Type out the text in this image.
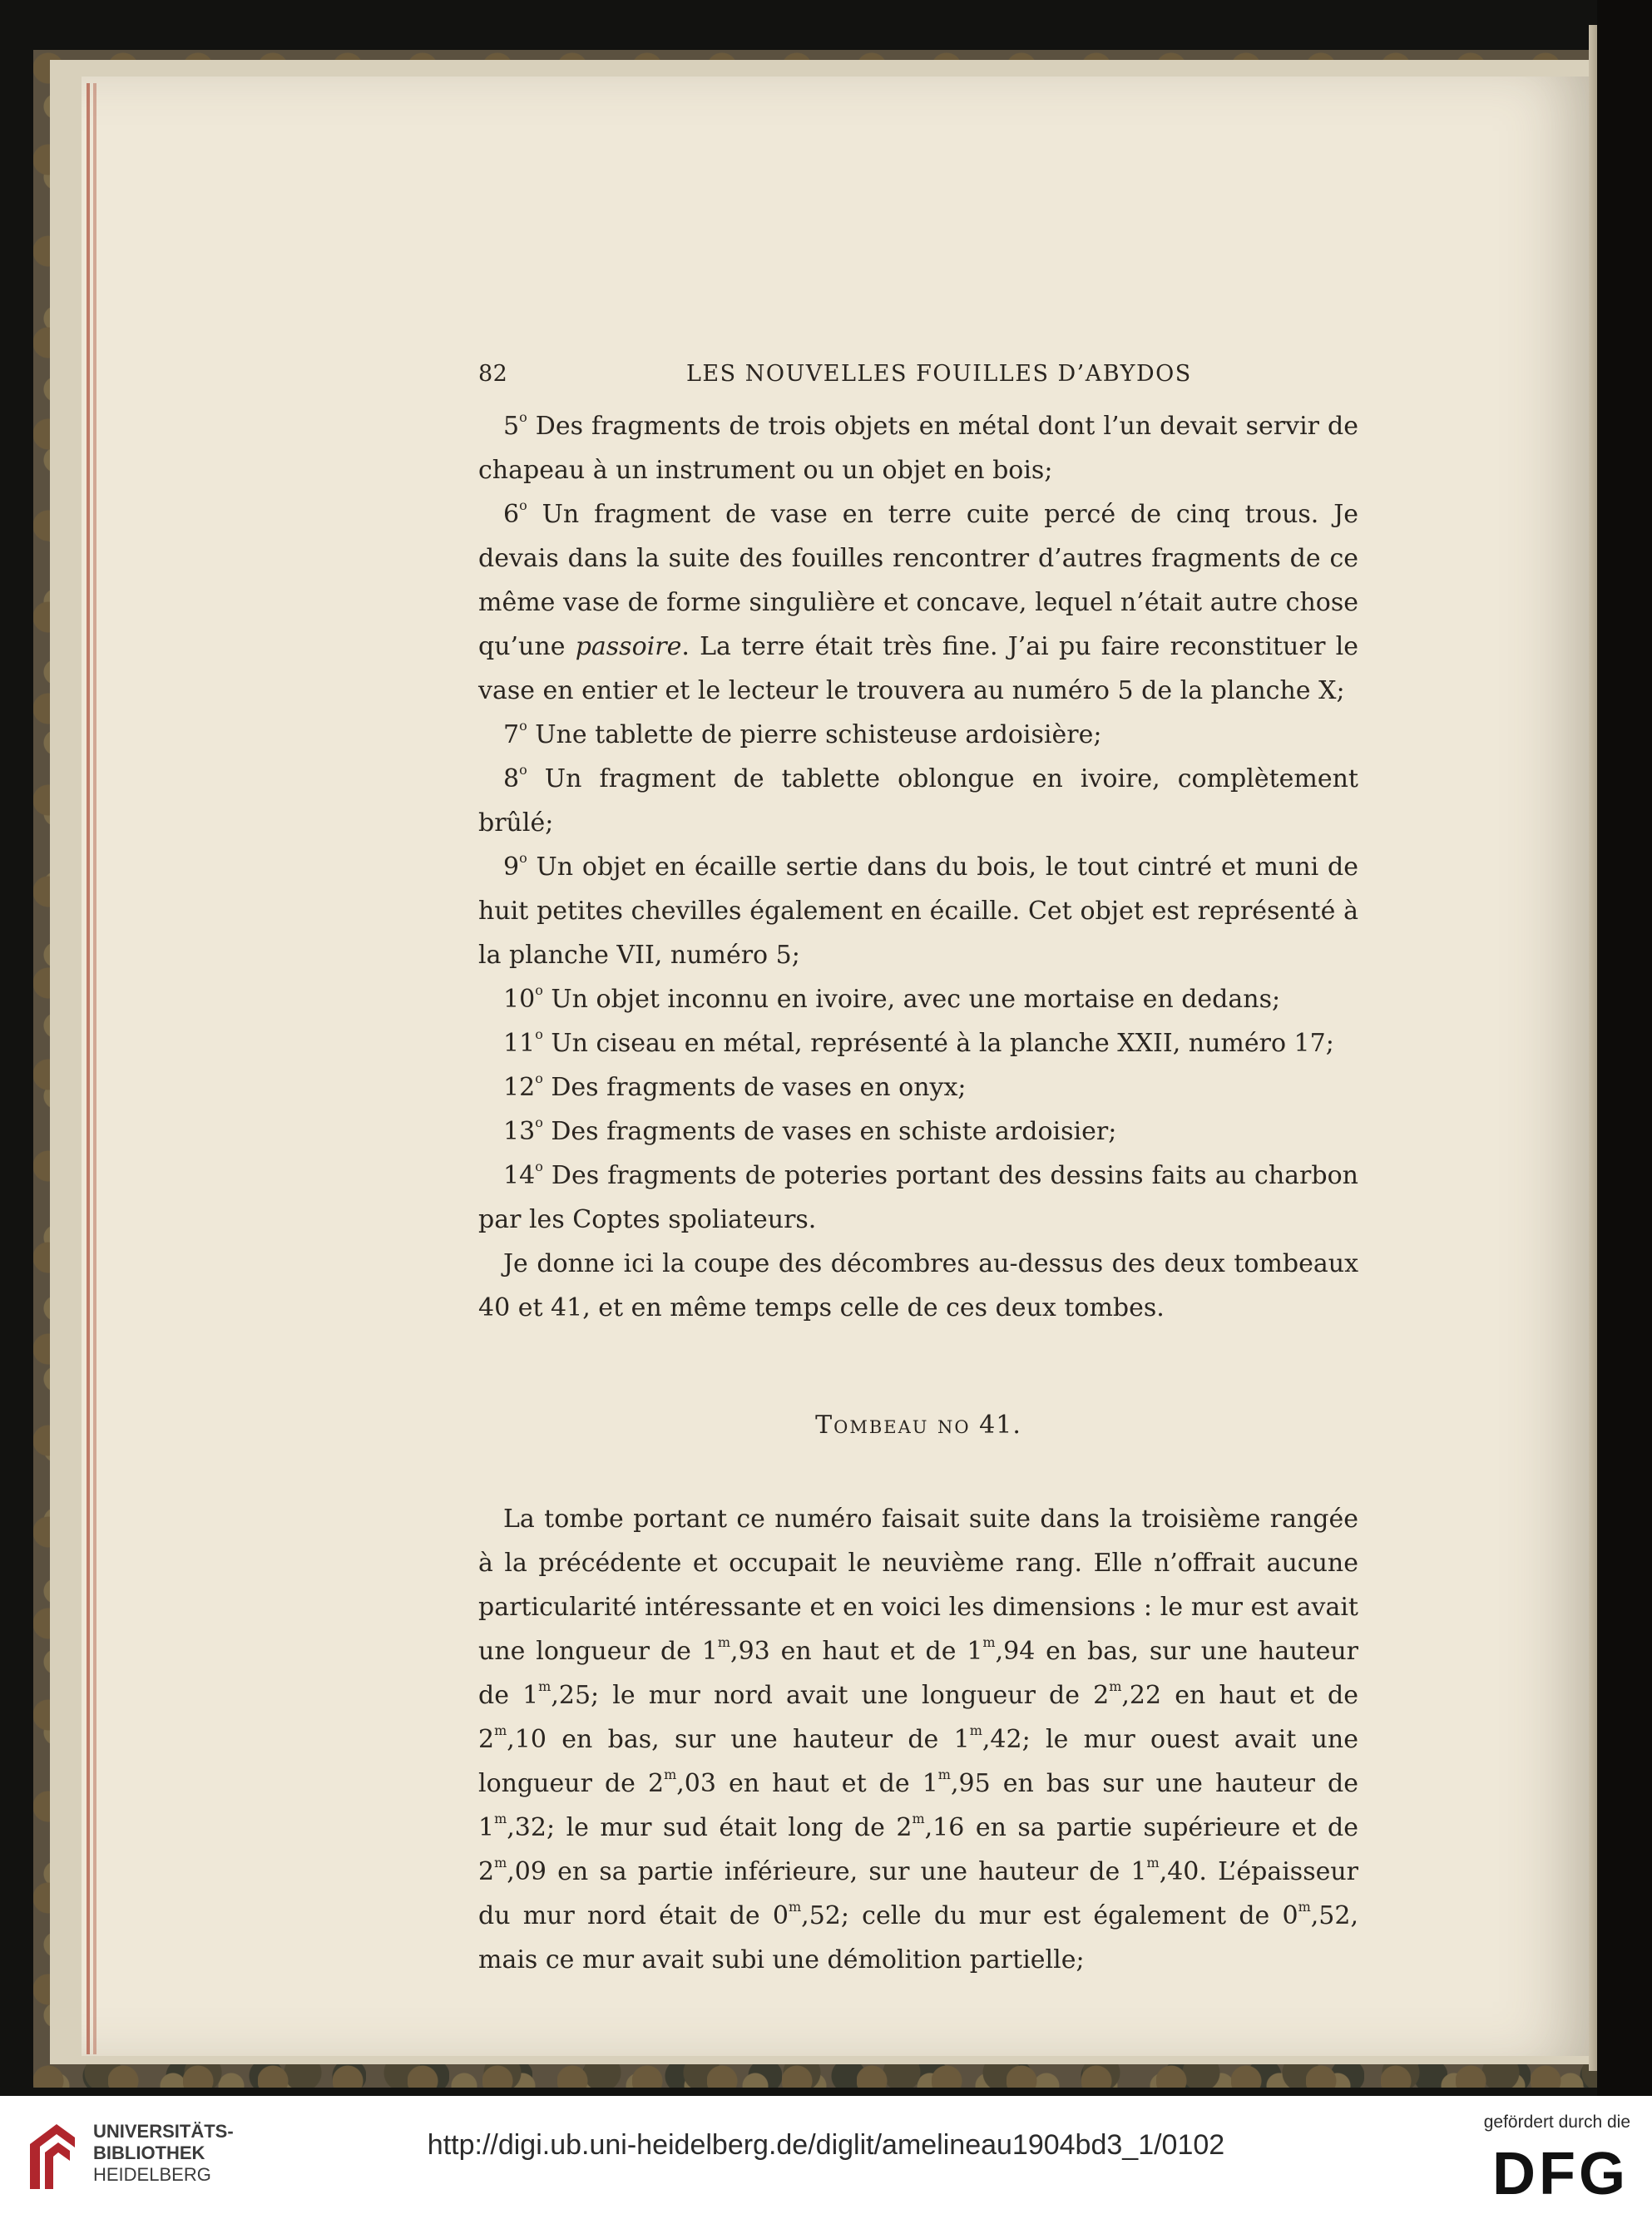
82	LES NOUVELLES FOUILLES D’ABYDOS

5$^o$ Des fragments de trois objets en métal dont l’un devait servir de chapeau à un instrument ou un objet en bois;

6$^o$ Un fragment de vase en terre cuite percé de cinq trous. Je devais dans la suite des fouilles rencontrer d’autres fragments de ce même vase de forme singulière et concave, lequel n’était autre chose qu’une passoire. La terre était très fine. J’ai pu faire reconstituer le vase en entier et le lecteur le trouvera au numéro 5 de la planche X;

7$^o$ Une tablette de pierre schisteuse ardoisière;

8$^o$ Un fragment de tablette oblongue en ivoire, complètement brûlé;

9$^o$ Un objet en écaille sertie dans du bois, le tout cintré et muni de huit petites chevilles également en écaille. Cet objet est représenté à la planche VII, numéro 5;

10$^o$ Un objet inconnu en ivoire, avec une mortaise en dedans;

11$^o$ Un ciseau en métal, représenté à la planche XXII, numéro 17;

12$^o$ Des fragments de vases en onyx;

13$^o$ Des fragments de vases en schiste ardoisier;

14$^o$ Des fragments de poteries portant des dessins faits au charbon par les Coptes spoliateurs.

Je donne ici la coupe des décombres au-dessus des deux tombeaux 40 et 41, et en même temps celle de ces deux tombes.

Tombeau no 41.

La tombe portant ce numéro faisait suite dans la troisième rangée à la précédente et occupait le neuvième rang. Elle n’offrait aucune particularité intéressante et en voici les dimensions : le mur est avait une longueur de 1$^m$,93 en haut et de 1$^m$,94 en bas, sur une hauteur de 1$^m$,25; le mur nord avait une longueur de 2$^m$,22 en haut et de 2$^m$,10 en bas, sur une hauteur de 1$^m$,42; le mur ouest avait une longueur de 2$^m$,03 en haut et de 1$^m$,95 en bas sur une hauteur de 1$^m$,32; le mur sud était long de 2$^m$,16 en sa partie supérieure et de 2$^m$,09 en sa partie inférieure, sur une hauteur de 1$^m$,40. L’épaisseur du mur nord était de 0$^m$,52; celle du mur est également de 0$^m$,52, mais ce mur avait subi une démolition partielle;

UNIVERSITÄTS-
BIBLIOTHEK
HEIDELBERG
http://digi.ub.uni-heidelberg.de/diglit/amelineau1904bd3_1/0102
gefördert durch die
DFG
